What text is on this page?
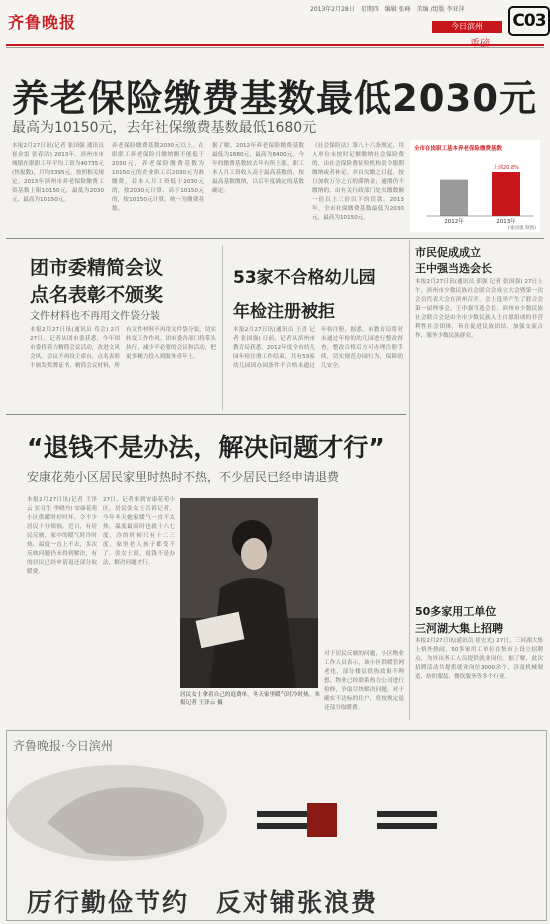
齐鲁晚报
2013年2月28日　星期四　编辑 张峰　美编 /组版 李亚萍
C03
今日滨州
养老保险缴费基数最低2030元
最高为10150元，去年社保缴费基数最低1680元

本报2月27日讯(记者 张国强 通讯员 崔金雷 张春洁) 2013年，滨州市市城镇在职职工年平均工资为40735元(快报数)，月均3395元。按照相关规定，2013年滨州市养老保险缴费工资基数上限10150元，最低为2030元，最高为10150元。

养老保险缴费基数2030元以上，在职职工养老保险月缴纳额不能低于2030元，养老保险缴费基数为10150元的企业职工以2030元为准缴费。若本人月工资低于2030元的，按2030元计算；高于10150元的，按10150元计算。统一为缴费基数。

据了解，2012年养老保险缴费基数最低为1680元，最高为8400元。今年的缴费基数较去年有所上涨。职工本人月工资收入高于最高基数的，按最高基数缴纳，以后年度确定的基数确定。

《社会保险法》第八十六条规定，用人单位未按时足额缴纳社会保险费的，由社会保险费征收机构责令限期缴纳或者补足，并自欠缴之日起，按日加收万分之五的滞纳金；逾期仍不缴纳的，由有关行政部门处欠缴数额一倍以上三倍以下的罚款。2013年，全市社保缴费基数最低为2030元，最高为10150元。

全市在岗职工基本养老保险缴费基数
2012年	2013年
上调20.8%
(张国强 制图)
团市委精简会议
点名表彰不颁奖
文件材料也不再用文件袋分装

本报2月27日讯(通讯员 苟会) 2月27日，记者从团市委获悉，今年团市委将着力精简会议活动，改进文风会风，会议不再设主席台，点名表彰不颁发奖牌证书，精简会议材料，所有文件材料不再用文件袋分装，切实转变工作作风。团市委各部门将带头执行，减少不必要的会议和活动，把更多精力投入到服务青年上。

53家不合格幼儿园
年检注册被拒

本报2月27日讯(通讯员 王喜 记者 张国强) 日前，记者从滨州市教育局获悉，2012年度全市幼儿园年检注册工作结束，共有53家幼儿园因办园条件不合格未通过年检注册。据悉，市教育局将对未通过年检的幼儿园进行整改督查，整改合格后方可办理注册手续，切实规范办园行为，保障幼儿安全。

市民促成成立
王中强当选会长

本报2月27日讯(通讯员 郭强 记者 张国强) 27日上午，滨州市少数民族社会联合会成立大会暨第一次会员代表大会在滨州召开，会上选举产生了联合会第一届理事会，王中强当选会长。滨州市少数民族社会联合会是由全市少数民族人士自愿组成的非营利性社会团体，旨在促进民族团结、加强交流合作、服务少数民族群众。

50多家用工单位
三河湖大集上招聘

本报2月27日讯(通讯员 崔宏光) 27日，三河湖大集上格外热闹，50多家用工单位在集市上设立招聘点，为外出务工人员提供就业岗位。据了解，此次招聘活动共提供就业岗位3000余个，涉及机械制造、纺织服装、餐饮服务等多个行业。

“退钱不是办法，解决问题才行”
安康花苑小区居民家里时热时不热，不少居民已经申请退费

本报2月27日讯(记者 王泽云 实习生 李晓丹) 安康花苑小区供暖时好时坏，令不少居民十分烦恼。近日，有居民反映，家中的暖气时冷时热，温度一直上不去，多次反映问题仍未得到解决，有的居民已经申请退还部分取暖费。

27日，记者来到安康花苑小区，居民张女士告诉记者，今年冬天她家暖气一直不太热，温度最高时也就十六七度，冷的时候只有十二三度，家里老人孩子都受不了。张女士说，退钱不是办法，解决问题才行。

居民女士拿着自己的退费单，冬天家里暖气时冷时热。本报记者 王泽云 摄

对于居民反映的问题，小区物业工作人员表示，该小区供暖管网老化，部分楼层供热效果不理想，物业已经联系热力公司进行检修，争取尽快解决问题，对于确实不达标的住户，将按规定退还部分取暖费。

齐鲁晚报·今日滨州
厉行勤俭节约　反对铺张浪费
